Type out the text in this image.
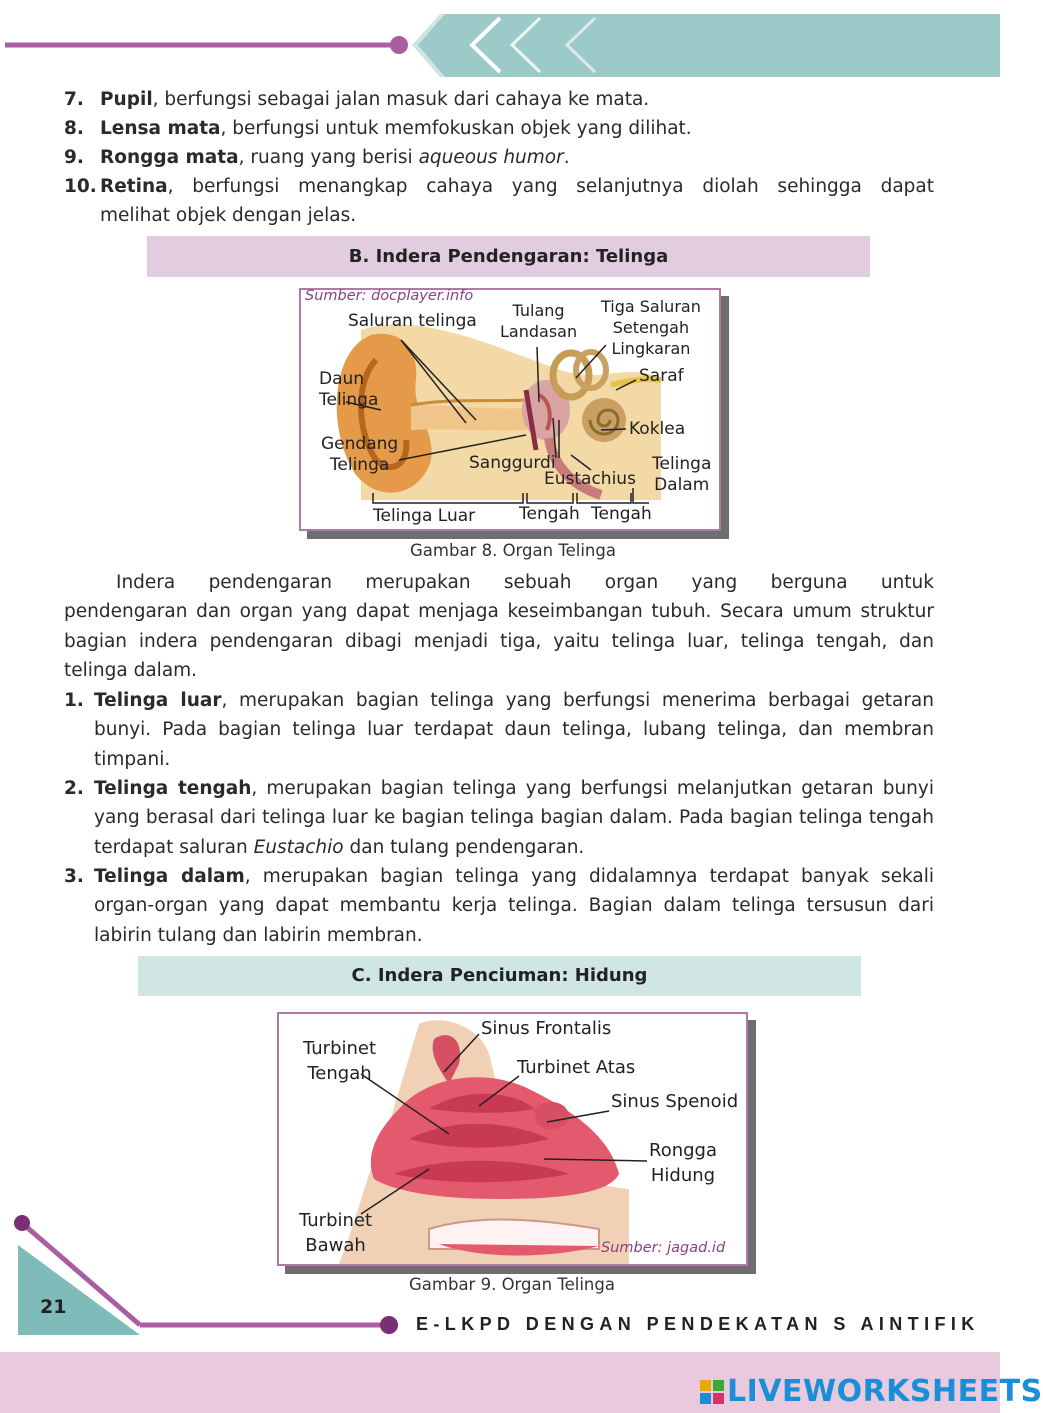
7. Pupil, berfungsi sebagai jalan masuk dari cahaya ke mata.
8. Lensa mata, berfungsi untuk memfokuskan objek yang dilihat.
9. Rongga mata, ruang yang berisi aqueous humor.
10. Retina, berfungsi menangkap cahaya yang selanjutnya diolah sehingga dapat
melihat objek dengan jelas.
B. Indera Pendengaran: Telinga
Sumber: docplayer.info
Saluran telinga
Tulang
Landasan
Tiga Saluran
Setengah
Lingkaran
Saraf
Daun
Telinga
Koklea
Gendang
Telinga	Sanggurdi
Eustachius
Telinga
Dalam
Telinga Luar	Tengah Tengah
Gambar 8. Organ Telinga
Indera pendengaran merupakan sebuah organ yang berguna untuk
pendengaran dan organ yang dapat menjaga keseimbangan tubuh. Secara umum struktur bagian indera pendengaran dibagi menjadi tiga, yaitu telinga luar, telinga tengah, dan telinga dalam.
1. Telinga luar, merupakan bagian telinga yang berfungsi menerima berbagai getaran bunyi. Pada bagian telinga luar terdapat daun telinga, lubang telinga, dan membran timpani.
2. Telinga tengah, merupakan bagian telinga yang berfungsi melanjutkan getaran bunyi yang berasal dari telinga luar ke bagian telinga bagian dalam. Pada bagian telinga tengah terdapat saluran Eustachio dan tulang pendengaran.
3. Telinga dalam, merupakan bagian telinga yang didalamnya terdapat banyak sekali organ-organ yang dapat membantu kerja telinga. Bagian dalam telinga tersusun dari labirin tulang dan labirin membran.
C. Indera Penciuman: Hidung
Turbinet
Tengah
Sinus Frontalis
Turbinet Atas
Sinus Spenoid
Rongga
Hidung
Turbinet
Bawah	Sumber: jagad.id
Gambar 9. Organ Telinga
21
E-LKPD DENGAN PENDEKATAN S AINTIFIK
LIVEWORKSHEETS
